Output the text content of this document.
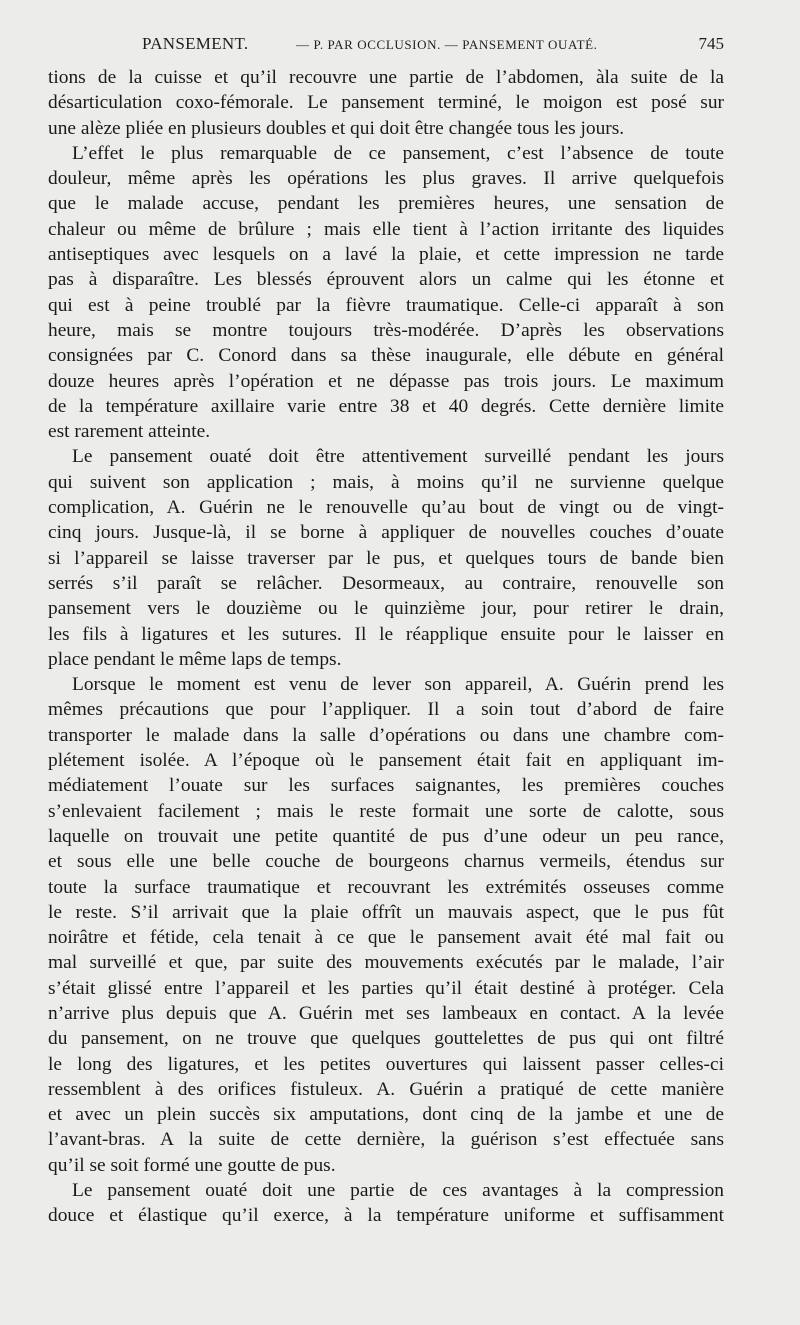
PANSEMENT.	— P. PAR OCCLUSION. — PANSEMENT OUATÉ.	745

tions de la cuisse et qu’il recouvre une partie de l’abdomen, àla suite de la

désarticulation coxo-fémorale. Le pansement terminé, le moigon est posé sur

une alèze pliée en plusieurs doubles et qui doit être changée tous les jours.

L’effet le plus remarquable de ce pansement, c’est l’absence de toute

douleur, même après les opérations les plus graves. Il arrive quelquefois

que le malade accuse, pendant les premières heures, une sensation de

chaleur ou même de brûlure ; mais elle tient à l’action irritante des liquides

antiseptiques avec lesquels on a lavé la plaie, et cette impression ne tarde

pas à disparaître. Les blessés éprouvent alors un calme qui les étonne et

qui est à peine troublé par la fièvre traumatique. Celle-ci apparaît à son

heure, mais se montre toujours très-modérée. D’après les observations

consignées par C. Conord dans sa thèse inaugurale, elle débute en général

douze heures après l’opération et ne dépasse pas trois jours. Le maximum

de la température axillaire varie entre 38 et 40 degrés. Cette dernière limite

est rarement atteinte.

Le pansement ouaté doit être attentivement surveillé pendant les jours

qui suivent son application ; mais, à moins qu’il ne survienne quelque

complication, A. Guérin ne le renouvelle qu’au bout de vingt ou de vingt-

cinq jours. Jusque-là, il se borne à appliquer de nouvelles couches d’ouate

si l’appareil se laisse traverser par le pus, et quelques tours de bande bien

serrés s’il paraît se relâcher. Desormeaux, au contraire, renouvelle son

pansement vers le douzième ou le quinzième jour, pour retirer le drain,

les fils à ligatures et les sutures. Il le réapplique ensuite pour le laisser en

place pendant le même laps de temps.

Lorsque le moment est venu de lever son appareil, A. Guérin prend les

mêmes précautions que pour l’appliquer. Il a soin tout d’abord de faire

transporter le malade dans la salle d’opérations ou dans une chambre com-

plétement isolée. A l’époque où le pansement était fait en appliquant im-

médiatement l’ouate sur les surfaces saignantes, les premières couches

s’enlevaient facilement ; mais le reste formait une sorte de calotte, sous

laquelle on trouvait une petite quantité de pus d’une odeur un peu rance,

et sous elle une belle couche de bourgeons charnus vermeils, étendus sur

toute la surface traumatique et recouvrant les extrémités osseuses comme

le reste. S’il arrivait que la plaie offrît un mauvais aspect, que le pus fût

noirâtre et fétide, cela tenait à ce que le pansement avait été mal fait ou

mal surveillé et que, par suite des mouvements exécutés par le malade, l’air

s’était glissé entre l’appareil et les parties qu’il était destiné à protéger. Cela

n’arrive plus depuis que A. Guérin met ses lambeaux en contact. A la levée

du pansement, on ne trouve que quelques gouttelettes de pus qui ont filtré

le long des ligatures, et les petites ouvertures qui laissent passer celles-ci

ressemblent à des orifices fistuleux. A. Guérin a pratiqué de cette manière

et avec un plein succès six amputations, dont cinq de la jambe et une de

l’avant-bras. A la suite de cette dernière, la guérison s’est effectuée sans

qu’il se soit formé une goutte de pus.

Le pansement ouaté doit une partie de ces avantages à la compression

douce et élastique qu’il exerce, à la température uniforme et suffisamment
